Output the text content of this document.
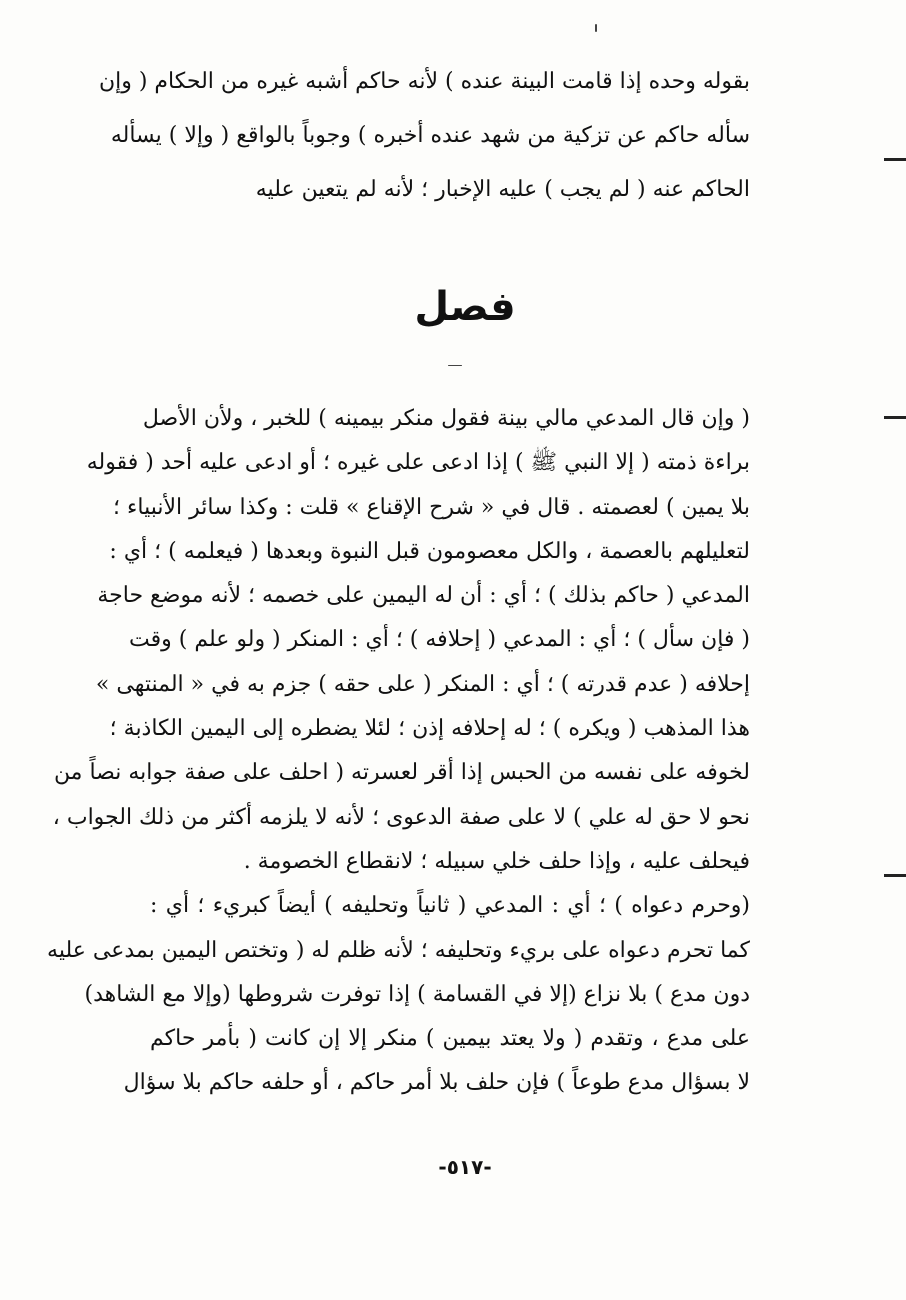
بقوله وحده إذا قامت البينة عنده ) لأنه حاكم أشبه غيره من الحكام ( وإن
سأله حاكم عن تزكية من شهد عنده أخبره ) وجوباً بالواقع ( وإلا ) يسأله
الحاكم عنه ( لم يجب ) عليه الإخبار ؛ لأنه لم يتعين عليه
فصل
( وإن قال المدعي مالي بينة فقول منكر بيمينه ) للخبر ، ولأن الأصل
براءة ذمته ( إلا النبي ﷺ ) إذا ادعى على غيره ؛ أو ادعى عليه أحد ( فقوله
بلا يمين ) لعصمته . قال في « شرح الإقناع » قلت : وكذا سائر الأنبياء ؛
لتعليلهم بالعصمة ، والكل معصومون قبل النبوة وبعدها ( فيعلمه ) ؛ أي :
المدعي ( حاكم بذلك ) ؛ أي : أن له اليمين على خصمه ؛ لأنه موضع حاجة
( فإن سأل ) ؛ أي : المدعي ( إحلافه ) ؛ أي : المنكر ( ولو علم ) وقت
إحلافه ( عدم قدرته ) ؛ أي : المنكر ( على حقه ) جزم به في « المنتهى »
هذا المذهب ( ويكره ) ؛ له إحلافه إذن ؛ لئلا يضطره إلى اليمين الكاذبة ؛
لخوفه على نفسه من الحبس إذا أقر لعسرته ( احلف على صفة جوابه نصاً من
نحو لا حق له علي ) لا على صفة الدعوى ؛ لأنه لا يلزمه أكثر من ذلك الجواب ،
فيحلف عليه ، وإذا حلف خلي سبيله ؛ لانقطاع الخصومة .
(وحرم دعواه ) ؛ أي : المدعي ( ثانياً وتحليفه ) أيضاً كبريء ؛ أي :
كما تحرم دعواه على بريء وتحليفه ؛ لأنه ظلم له ( وتختص اليمين بمدعى عليه
دون مدع ) بلا نزاع (إلا في القسامة ) إذا توفرت شروطها (وإلا مع الشاهد)
على مدع ، وتقدم ( ولا يعتد بيمين ) منكر إلا إن كانت ( بأمر حاكم
لا بسؤال مدع طوعاً ) فإن حلف بلا أمر حاكم ، أو حلفه حاكم بلا سؤال
-٥١٧-
